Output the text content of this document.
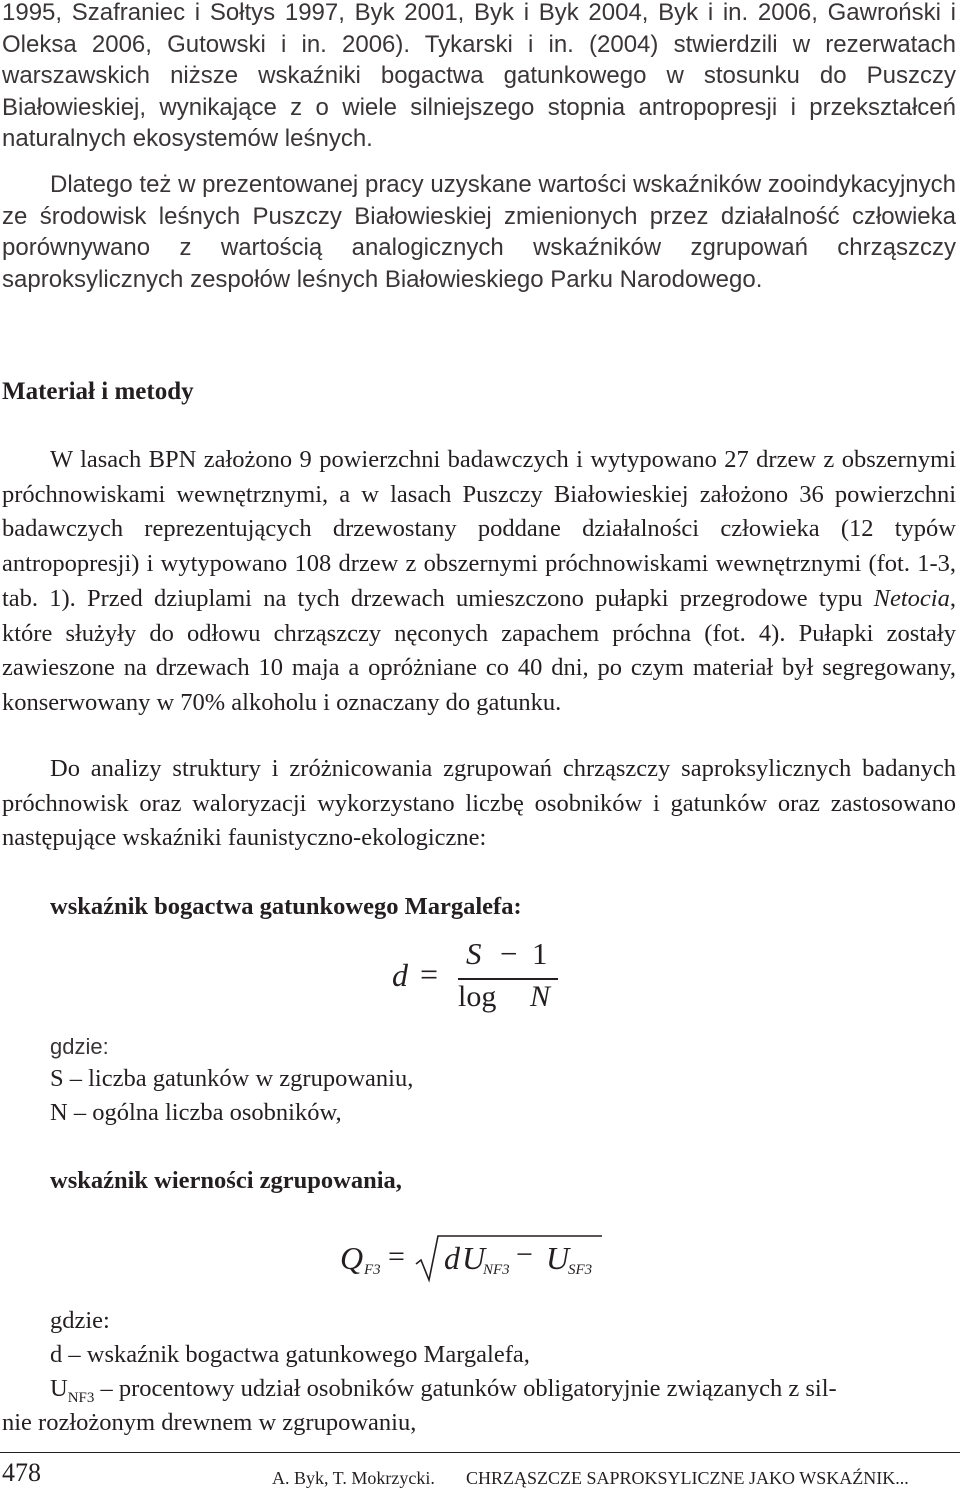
1995, Szafraniec i Sołtys 1997, Byk 2001, Byk i Byk 2004, Byk i in. 2006, Gawroński i Oleksa 2006, Gutowski i in. 2006). Tykarski i in. (2004) stwierdzili w rezerwatach warszawskich niższe wskaźniki bogactwa gatunkowego w stosunku do Puszczy Białowieskiej, wynikające z o wiele silniejszego stopnia antropopresji i przekształceń naturalnych ekosystemów leśnych.

Dlatego też w prezentowanej pracy uzyskane wartości wskaźników zooindykacyjnych ze środowisk leśnych Puszczy Białowieskiej zmienionych przez działalność człowieka porównywano z wartością analogicznych wskaźników zgrupowań chrząszczy saproksylicznych zespołów leśnych Białowieskiego Parku Narodowego.

Materiał i metody

W lasach BPN założono 9 powierzchni badawczych i wytypowano 27 drzew z obszernymi próchnowiskami wewnętrznymi, a w lasach Puszczy Białowieskiej założono 36 powierzchni badawczych reprezentujących drzewostany poddane działalności człowieka (12 typów antropopresji) i wytypowano 108 drzew z obszernymi próchnowiskami wewnętrznymi (fot. 1-3, tab. 1). Przed dziuplami na tych drzewach umieszczono pułapki przegrodowe typu Netocia, które służyły do odłowu chrząszczy nęconych zapachem próchna (fot. 4). Pułapki zostały zawieszone na drzewach 10 maja a opróżniane co 40 dni, po czym materiał był segregowany, konserwowany w 70% alkoholu i oznaczany do gatunku.

Do analizy struktury i zróżnicowania zgrupowań chrząszczy saproksylicznych badanych próchnowisk oraz waloryzacji wykorzystano liczbę osobników i gatunków oraz zastosowano następujące wskaźniki faunistyczno-ekologiczne:

wskaźnik bogactwa gatunkowego Margalefa:
d =
S − 1
log N

gdzie:

S – liczba gatunków w zgrupowaniu,

N – ogólna liczba osobników,

wskaźnik wierności zgrupowania,
Q F3 = d U
NF3 − U
SF3

gdzie:

d – wskaźnik bogactwa gatunkowego Margalefa,

$U_{NF3}$ – procentowy udział osobników gatunków obligatoryjnie związanych z sil-

nie rozłożonym drewnem w zgrupowaniu,

478	A. Byk, T. Mokrzycki. CHRZĄSZCZE SAPROKSYLICZNE JAKO WSKAŹNIK...
